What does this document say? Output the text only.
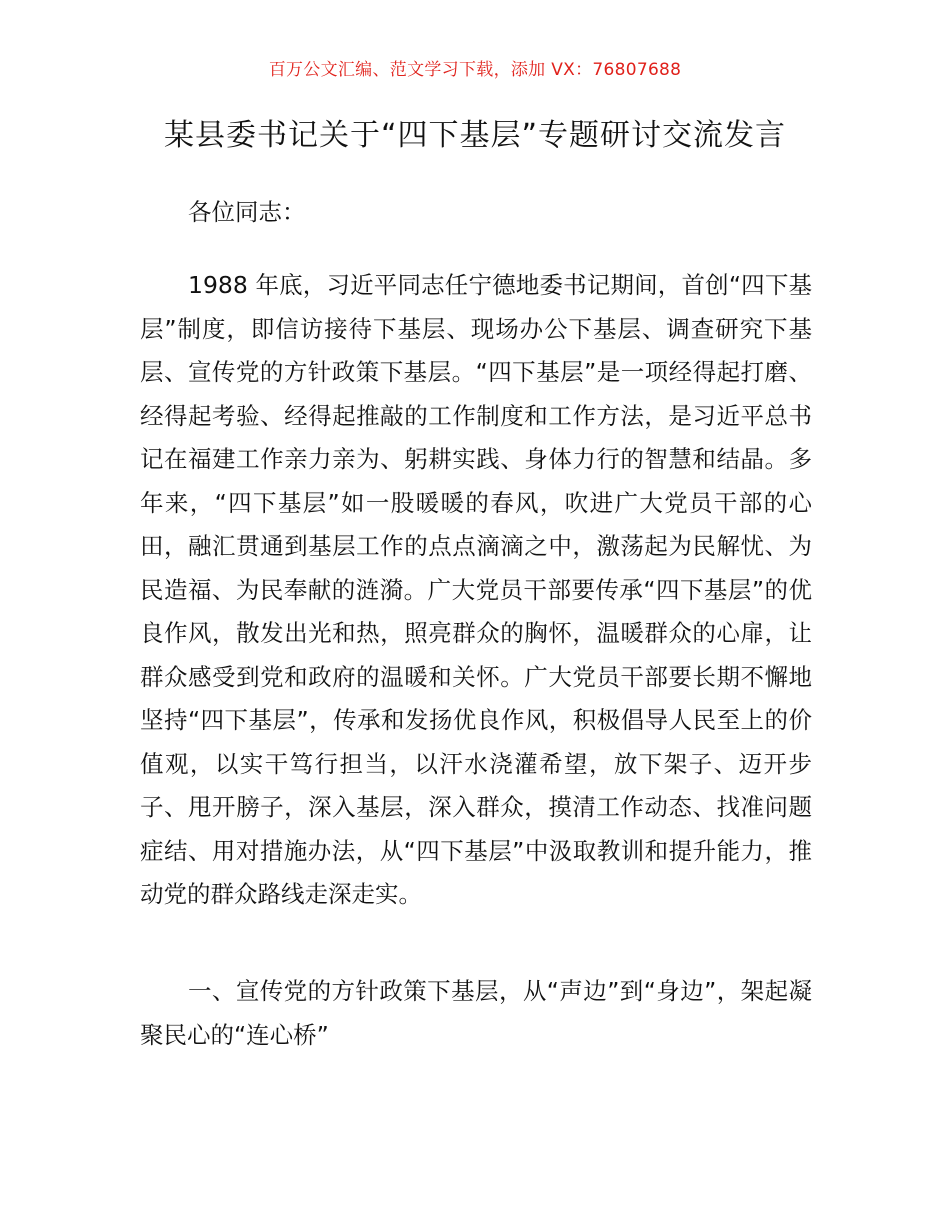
百万公文汇编、范文学习下载，添加 VX：76807688
某县委书记关于“四下基层”专题研讨交流发言

各位同志：

1988 年底，习近平同志任宁德地委书记期间，首创“四下基层”制度，即信访接待下基层、现场办公下基层、调查研究下基层、宣传党的方针政策下基层。“四下基层”是一项经得起打磨、经得起考验、经得起推敲的工作制度和工作方法，是习近平总书记在福建工作亲力亲为、躬耕实践、身体力行的智慧和结晶。多年来，“四下基层”如一股暖暖的春风，吹进广大党员干部的心田，融汇贯通到基层工作的点点滴滴之中，激荡起为民解忧、为民造福、为民奉献的涟漪。广大党员干部要传承“四下基层”的优良作风，散发出光和热，照亮群众的胸怀，温暖群众的心扉，让群众感受到党和政府的温暖和关怀。广大党员干部要长期不懈地坚持“四下基层”，传承和发扬优良作风，积极倡导人民至上的价值观，以实干笃行担当，以汗水浇灌希望，放下架子、迈开步子、甩开膀子，深入基层，深入群众，摸清工作动态、找准问题症结、用对措施办法，从“四下基层”中汲取教训和提升能力，推动党的群众路线走深走实。

一、宣传党的方针政策下基层，从“声边”到“身边”，架起凝聚民心的“连心桥”
